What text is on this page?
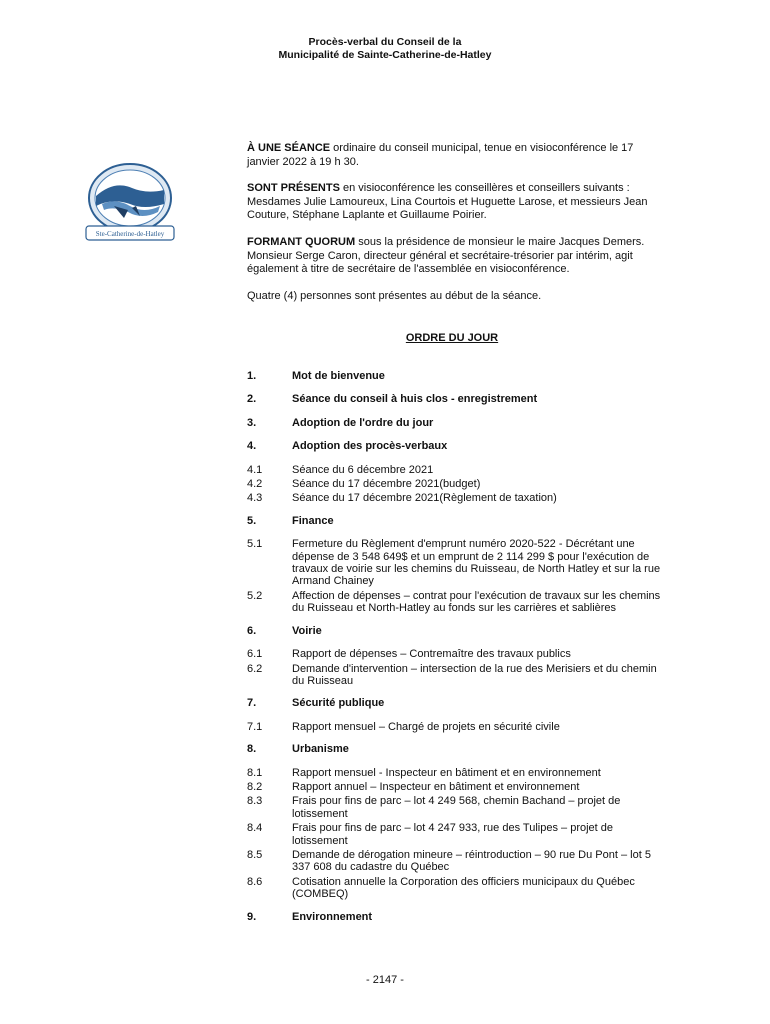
Procès-verbal du Conseil de la
Municipalité de Sainte-Catherine-de-Hatley
Ste-Catherine-de-Hatley

À UNE SÉANCE ordinaire du conseil municipal, tenue en visioconférence le 17 janvier 2022 à 19 h 30.

SONT PRÉSENTS en visioconférence les conseillères et conseillers suivants : Mesdames Julie Lamoureux, Lina Courtois et Huguette Larose, et messieurs Jean Couture, Stéphane Laplante et Guillaume Poirier.

FORMANT QUORUM sous la présidence de monsieur le maire Jacques Demers. Monsieur Serge Caron, directeur général et secrétaire-trésorier par intérim, agit également à titre de secrétaire de l'assemblée en visioconférence.

Quatre (4) personnes sont présentes au début de la séance.

ORDRE DU JOUR
1.	Mot de bienvenue
2.	Séance du conseil à huis clos - enregistrement
3.	Adoption de l'ordre du jour
4.	Adoption des procès-verbaux
4.1	Séance du 6 décembre 2021
4.2	Séance du 17 décembre 2021(budget)
4.3	Séance du 17 décembre 2021(Règlement de taxation)
5.	Finance
5.1	Fermeture du Règlement d'emprunt numéro 2020-522 - Décrétant une dépense de 3 548 649$ et un emprunt de 2 114 299 $ pour l'exécution de travaux de voirie sur les chemins du Ruisseau, de North Hatley et sur la rue Armand Chainey
5.2	Affection de dépenses – contrat pour l'exécution de travaux sur les chemins du Ruisseau et North-Hatley au fonds sur les carrières et sablières
6.	Voirie
6.1	Rapport de dépenses – Contremaître des travaux publics
6.2	Demande d'intervention – intersection de la rue des Merisiers et du chemin du Ruisseau
7.	Sécurité publique
7.1	Rapport mensuel – Chargé de projets en sécurité civile
8.	Urbanisme
8.1	Rapport mensuel - Inspecteur en bâtiment et en environnement
8.2	Rapport annuel – Inspecteur en bâtiment et environnement
8.3	Frais pour fins de parc – lot 4 249 568, chemin Bachand – projet de lotissement
8.4	Frais pour fins de parc – lot 4 247 933, rue des Tulipes – projet de lotissement
8.5	Demande de dérogation mineure – réintroduction – 90 rue Du Pont – lot 5 337 608 du cadastre du Québec
8.6	Cotisation annuelle la Corporation des officiers municipaux du Québec (COMBEQ)
9.	Environnement
- 2147 -
